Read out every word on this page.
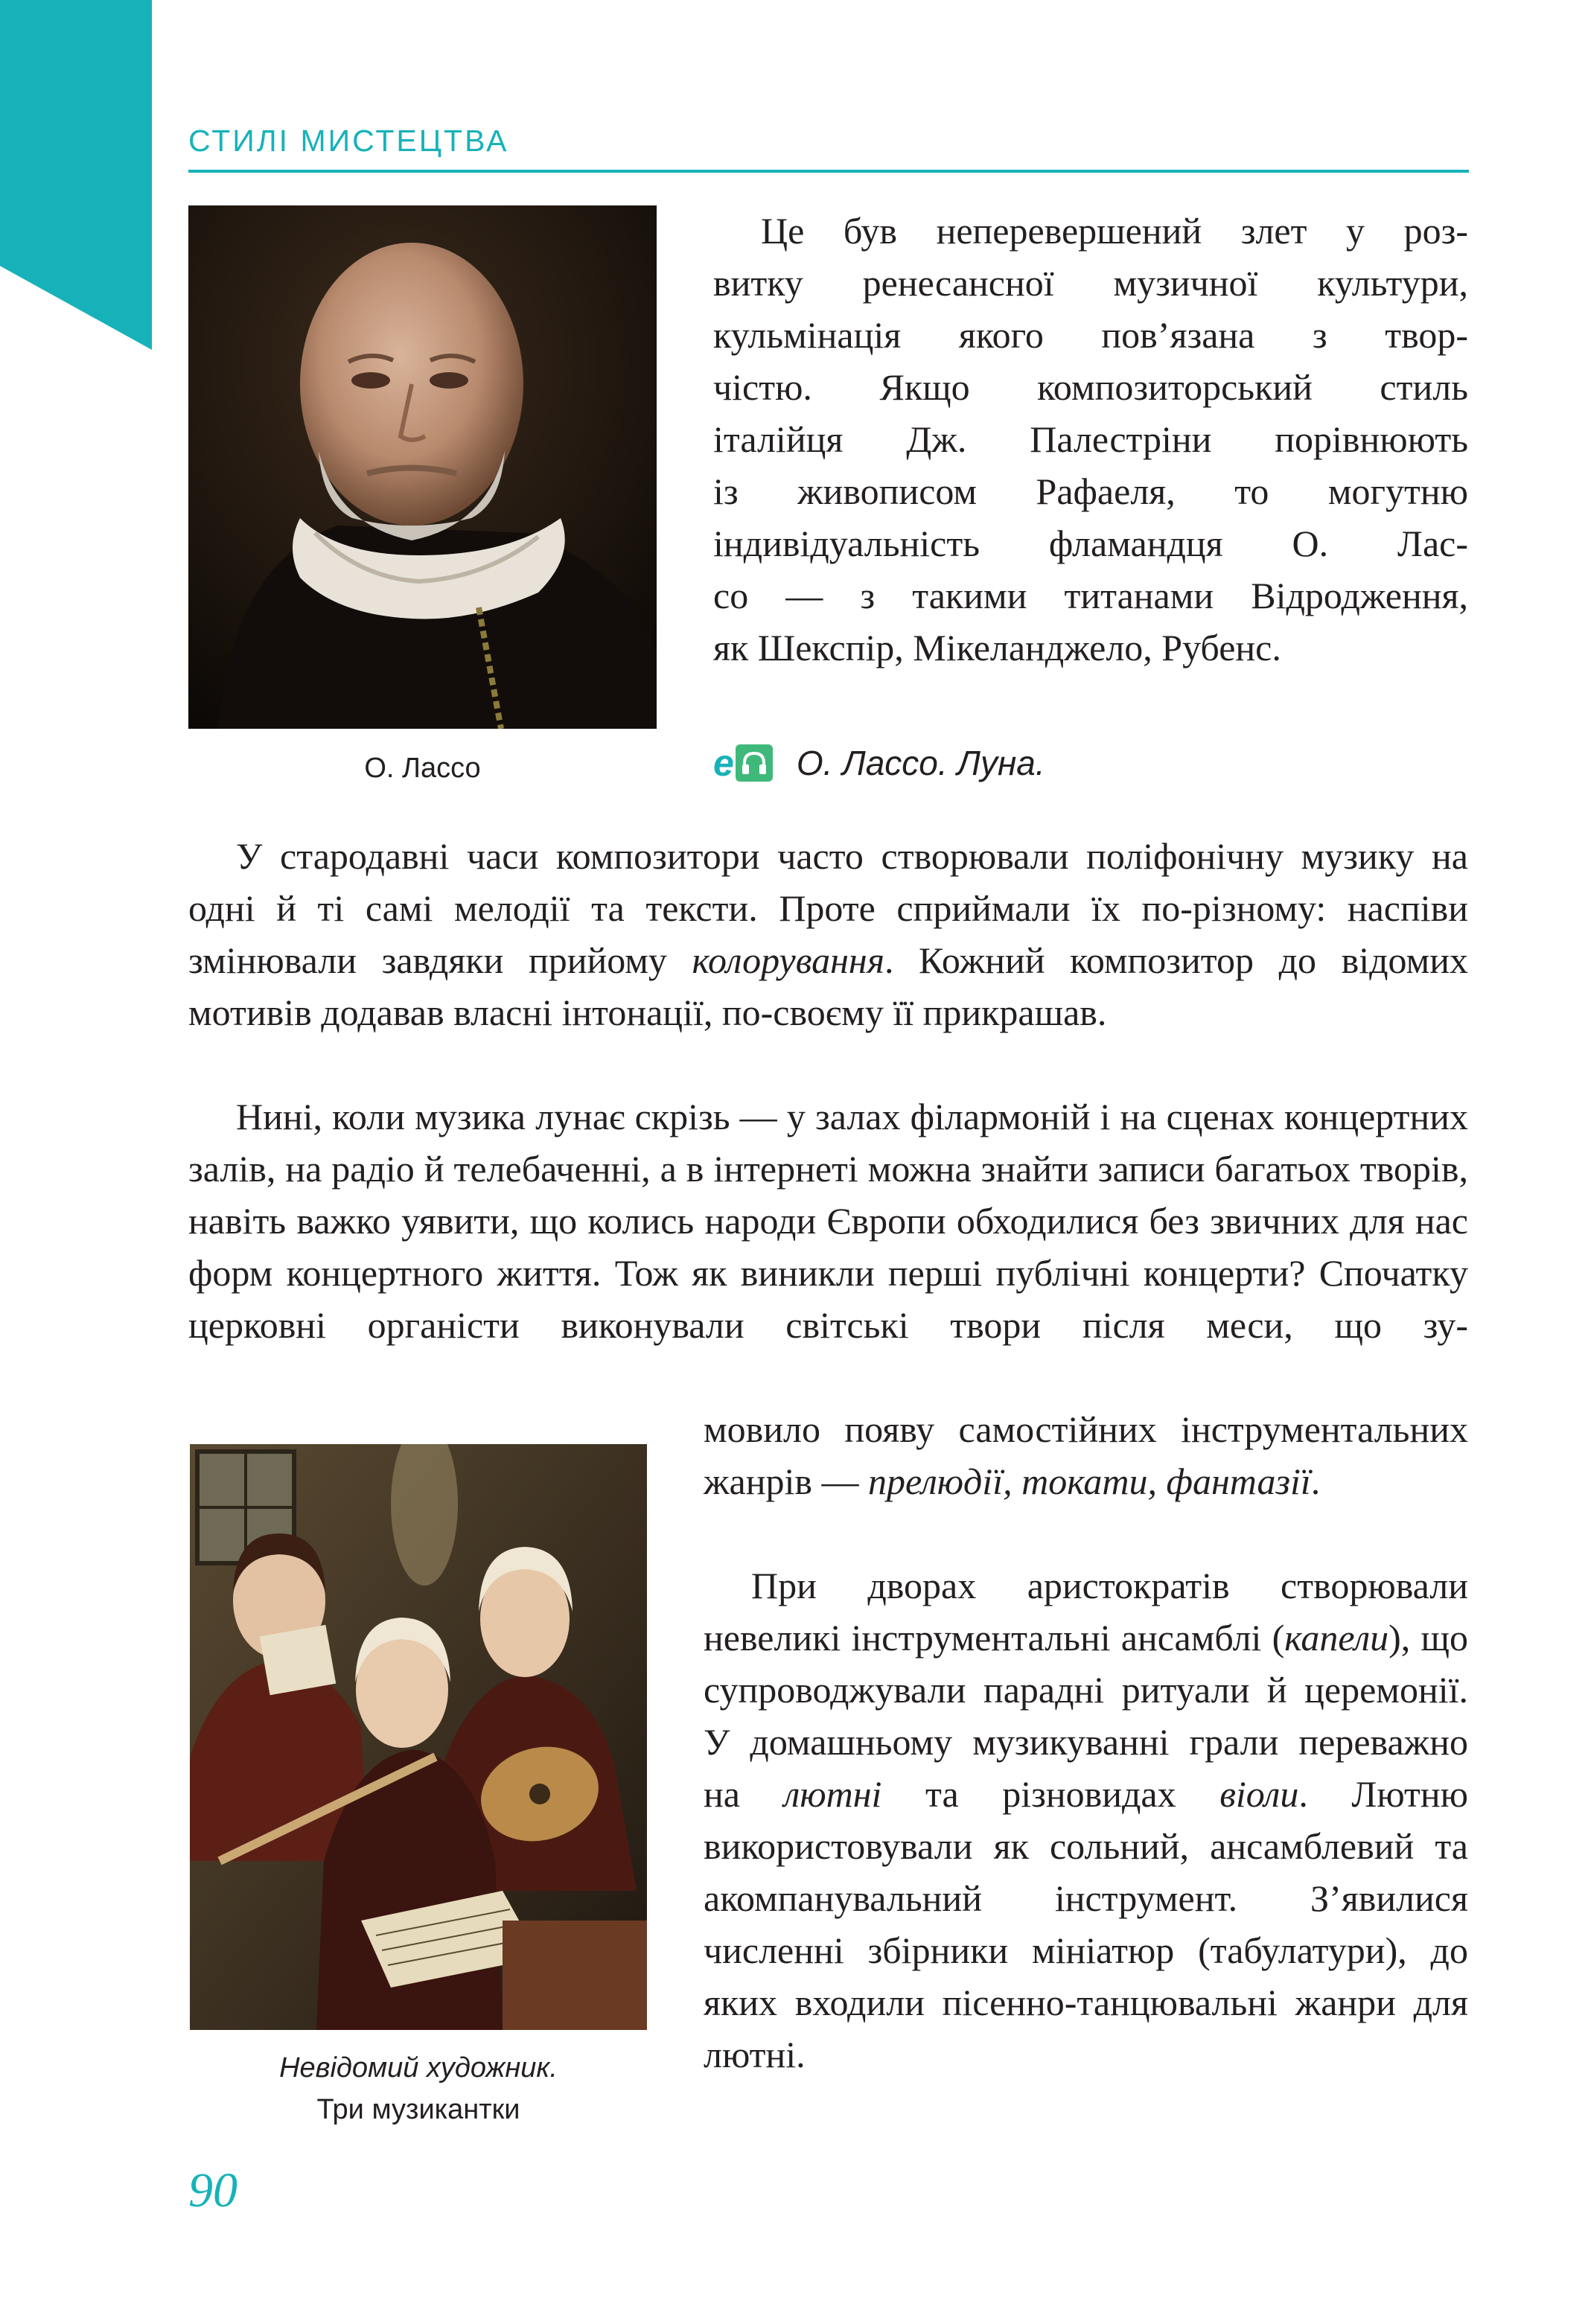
СТИЛІ МИСТЕЦТВА
О. Лассо
Це був неперевершений злет у роз-
витку ренесансної музичної культури,
кульмінація якого пов’язана з твор-
чістю. Якщо композиторський стиль
італійця Дж. Палестріни порівнюють
із живописом Рафаеля, то могутню
індивідуальність фламандця О. Лас-
со — з такими титанами Відродження,
як Шекспір, Мікеланджело, Рубенс.
e О. Лассо. Луна.

У стародавні часи композитори часто створювали поліфонічну музику на одні й ті самі мелодії та тексти. Проте сприймали їх по-різному: наспіви змінювали завдяки прийому колорування. Кожний композитор до відомих мотивів додавав власні інтонації, по-своєму її прикрашав.

Нині, коли музика лунає скрізь — у залах філармоній і на сценах концертних залів, на радіо й телебаченні, а в інтернеті можна знайти записи багатьох творів, навіть важко уявити, що колись народи Європи обходилися без звичних для нас форм концертного життя. Тож як виникли перші публічні концерти? Спочатку церковні органісти виконували світські твори після меси, що зу-

Невідомий художник.
Три музикантки

мовило появу самостійних інструментальних жанрів — прелюдії, токати, фантазії.

При дворах аристократів створювали невеликі інструментальні ансамблі (капели), що супроводжували парадні ритуали й церемонії. У домашньому музикуванні грали переважно на лютні та різновидах віоли. Лютню використовували як сольний, ансамблевий та акомпанувальний інструмент. З’явилися численні збірники мініатюр (табулатури), до яких входили пісенно-танцювальні жанри для лютні.

90
